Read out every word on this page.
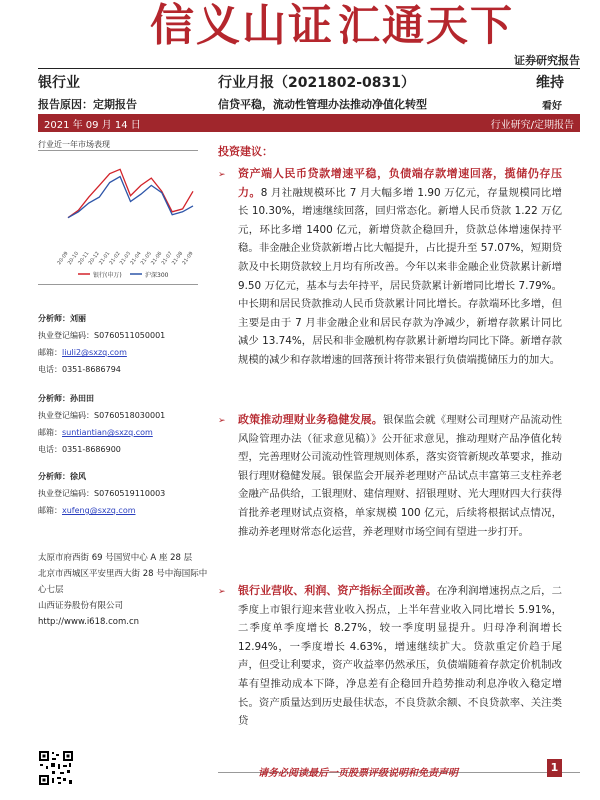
信义山证汇通天下
证券研究报告
银行业	行业月报（2021802-0831）	维持
报告原因：定期报告	信贷平稳，流动性管理办法推动净值化转型	看好
2021 年 09 月 14 日	行业研究/定期报告
行业近一年市场表现
20-09
20-10
20-11
20-12
21-01
21-02
21-03
21-04
21-05
21-06
21-07
21-08
21-09
银行(申万)	沪深300
分析师：刘丽
执业登记编码：S0760511050001
邮箱：liuli2@sxzq.com
电话：0351-8686794
分析师：孙田田
执业登记编码：S0760518030001
邮箱：suntiantian@sxzq.com
电话：0351-8686900
分析师：徐风
执业登记编码：S0760519110003
邮箱：xufeng@sxzq.com
太原市府西街 69 号国贸中心 A 座 28 层
北京市西城区平安里西大街 28 号中海国际中心七层
山西证券股份有限公司
http://www.i618.com.cn
投资建议：
➢	资产端人民币贷款增速平稳，负债端存款增速回落，揽储仍存压力。8 月社融规模环比 7 月大幅多增 1.90 万亿元，存量规模同比增长 10.30%，增速继续回落，回归常态化。新增人民币贷款 1.22 万亿元，环比多增 1400 亿元，新增贷款企稳回升，贷款总体增速保持平稳。非金融企业贷款新增占比大幅提升，占比提升至 57.07%，短期贷款及中长期贷款较上月均有所改善。今年以来非金融企业贷款累计新增 9.50 万亿元，基本与去年持平，居民贷款累计新增同比增长 7.79%。中长期和居民贷款推动人民币贷款累计同比增长。存款端环比多增，但主要是由于 7 月非金融企业和居民存款为净减少，新增存款累计同比减少 13.74%，居民和非金融机构存款累计新增均同比下降。新增存款规模的减少和存款增速的回落预计将带来银行负债端揽储压力的加大。
➢	政策推动理财业务稳健发展。银保监会就《理财公司理财产品流动性风险管理办法（征求意见稿）》公开征求意见，推动理财产品净值化转型，完善理财公司流动性管理规则体系，落实资管新规改革要求，推动银行理财稳健发展。银保监会开展养老理财产品试点丰富第三支柱养老金融产品供给，工银理财、建信理财、招银理财、光大理财四大行获得首批养老理财试点资格，单家规模 100 亿元，后续将根据试点情况，推动养老理财常态化运营，养老理财市场空间有望进一步打开。
➢	银行业营收、利润、资产指标全面改善。在净利润增速拐点之后，二季度上市银行迎来营业收入拐点，上半年营业收入同比增长 5.91%，二季度单季度增长 8.27%，较一季度明显提升。归母净利润增长 12.94%，一季度增长 4.63%，增速继续扩大。贷款重定价趋于尾声，但受让利要求，资产收益率仍然承压，负债端随着存款定价机制改革有望推动成本下降，净息差有企稳回升趋势推动利息净收入稳定增长。资产质量达到历史最佳状态，不良贷款余额、不良贷款率、关注类贷
请务必阅读最后一页股票评级说明和免责声明	1
